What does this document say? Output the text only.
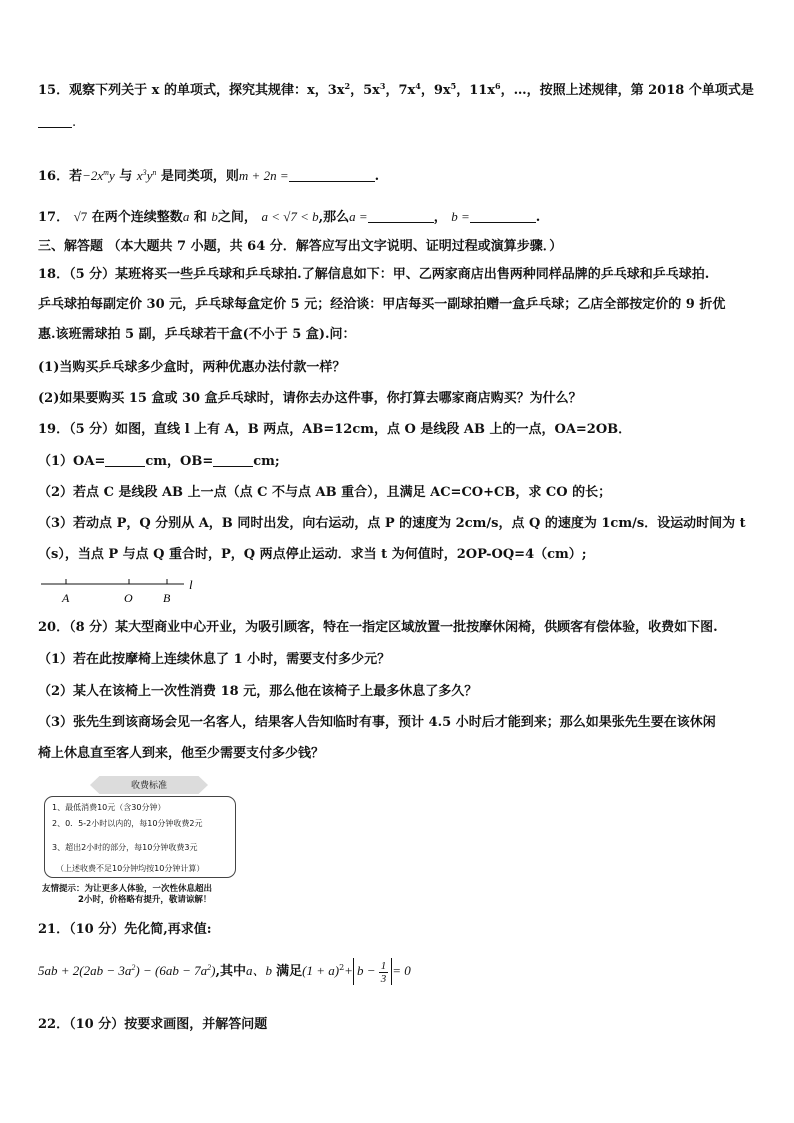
15．观察下列关于 x 的单项式，探究其规律：x，$3x^2$，$5x^3$，$7x^4$，$9x^5$，$11x^6$，…，按照上述规律，第 2018 个单项式是
.
16．若$-2x^my$ 与 $x^3y^n$ 是同类项，则m + 2n =	.
17． √7 在两个连续整数a 和 b之间， a < √7 < b,那么a =	， b =	.
三、解答题 （本大题共 7 小题，共 64 分．解答应写出文字说明、证明过程或演算步骤．）
18．（5 分）某班将买一些乒乓球和乒乓球拍.了解信息如下：甲、乙两家商店出售两种同样品牌的乒乓球和乒乓球拍.
乒乓球拍每副定价 30 元，乒乓球每盒定价 5 元；经洽谈：甲店每买一副球拍赠一盒乒乓球；乙店全部按定价的 9 折优
惠.该班需球拍 5 副，乒乓球若干盒(不小于 5 盒).问：
(1)当购买乒乓球多少盒时，两种优惠办法付款一样？
(2)如果要购买 15 盒或 30 盒乒乓球时，请你去办这件事，你打算去哪家商店购买？为什么？
19．（5 分）如图，直线 l 上有 A，B 两点，AB=12cm，点 O 是线段 AB 上的一点，OA=2OB．
（1）OA=	cm，OB=	cm;
（2）若点 C 是线段 AB 上一点（点 C 不与点 AB 重合），且满足 AC=CO+CB，求 CO 的长；
（3）若动点 P，Q 分别从 A，B 同时出发，向右运动，点 P 的速度为 2cm/s，点 Q 的速度为 1cm/s．设运动时间为 t
（s），当点 P 与点 Q 重合时，P，Q 两点停止运动．求当 t 为何值时，2OP-OQ=4（cm）;
A	O	B
l
20．（8 分）某大型商业中心开业，为吸引顾客，特在一指定区域放置一批按摩休闲椅，供顾客有偿体验，收费如下图.
（1）若在此按摩椅上连续休息了 1 小时，需要支付多少元？
（2）某人在该椅上一次性消费 18 元，那么他在该椅子上最多休息了多久？
（3）张先生到该商场会见一名客人，结果客人告知临时有事，预计 4.5 小时后才能到来；那么如果张先生要在该休闲
椅上休息直至客人到来，他至少需要支付多少钱？
收费标准
1、最低消费10元（含30分钟）
2、0．5-2小时以内的，每10分钟收费2元
3、超出2小时的部分，每10分钟收费3元
（上述收费不足10分钟均按10分钟计算）
友情提示：为让更多人体验，一次性休息超出
2小时，价格略有提升，敬请谅解！
21．（10 分）先化简,再求值:
$5ab + 2(2ab - 3a^2) - (6ab - 7a^2)$,其中a、b 满足$(1 + a)^2+ b - \frac{1}{3} = 0$
22．（10 分）按要求画图，并解答问题
